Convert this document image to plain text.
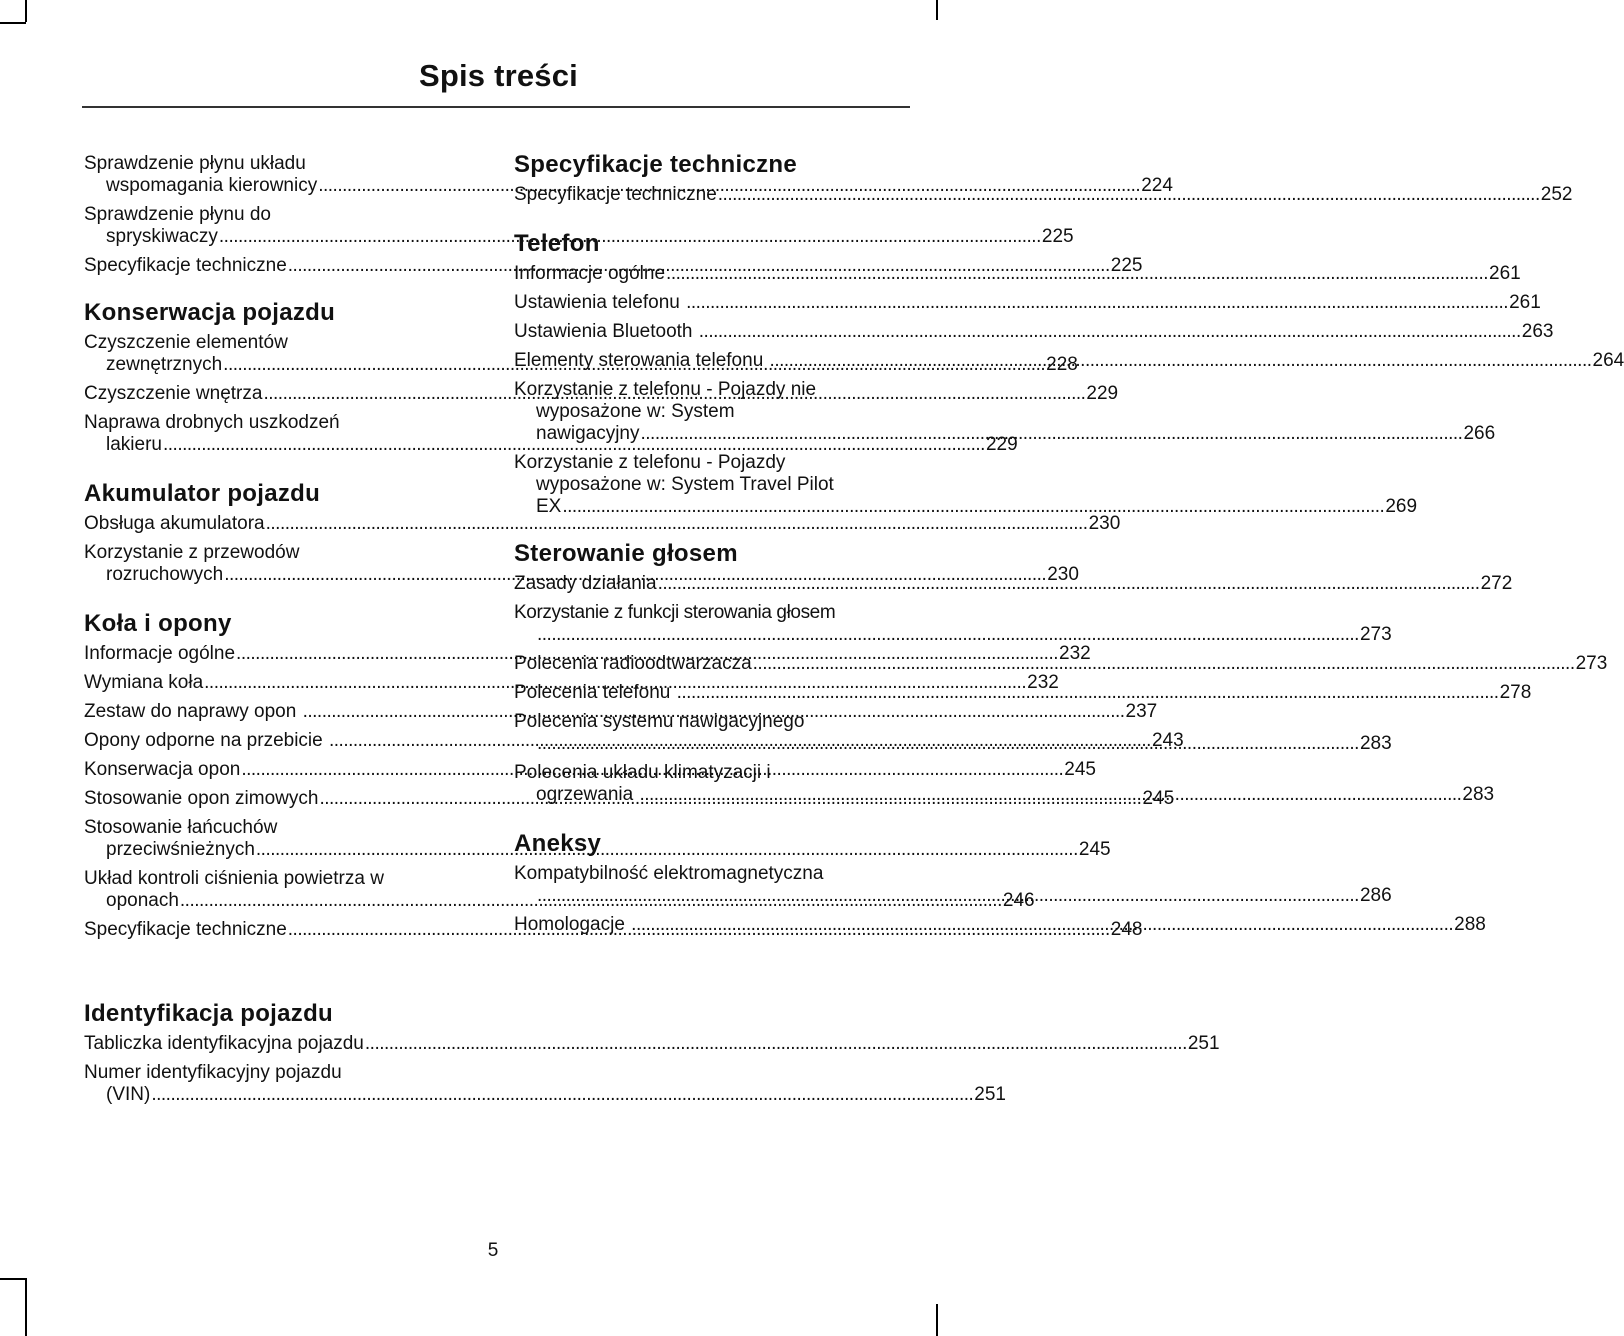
Spis treści
Sprawdzenie płynu układu
wspomagania kierownicy .....	224
Sprawdzenie płynu do
spryskiwaczy .....	225
Specyfikacje techniczne .....	225
Konserwacja pojazdu
Czyszczenie elementów
zewnętrznych .....	228
Czyszczenie wnętrza .....	229
Naprawa drobnych uszkodzeń
lakieru .....	229
Akumulator pojazdu
Obsługa akumulatora .....	230
Korzystanie z przewodów
rozruchowych .....	230
Koła i opony
Informacje ogólne .....	232
Wymiana koła .....	232
Zestaw do naprawy opon .....	237
Opony odporne na przebicie .....	243
Konserwacja opon .....	245
Stosowanie opon zimowych .....	245
Stosowanie łańcuchów
przeciwśnieżnych .....	245
Układ kontroli ciśnienia powietrza w
oponach .....	246
Specyfikacje techniczne .....	248
Identyfikacja pojazdu
Tabliczka identyfikacyjna pojazdu .....	251
Numer identyfikacyjny pojazdu
(VIN) .....	251
Specyfikacje techniczne
Specyfikacje techniczne .....	252
Telefon
Informacje ogólne .....	261
Ustawienia telefonu .....	261
Ustawienia Bluetooth .....	263
Elementy sterowania telefonu .....	264
Korzystanie z telefonu - Pojazdy nie
wyposażone w: System
nawigacyjny .....	266
Korzystanie z telefonu - Pojazdy
wyposażone w: System Travel Pilot
EX .....	269
Sterowanie głosem
Zasady działania .....	272
Korzystanie z funkcji sterowania głosem
..... 273
Polecenia radioodtwarzacza .....	273
Polecenia telefonu .....	278
Polecenia systemu nawigacyjnego
..... 283
Polecenia układu klimatyzacji i
ogrzewania .....	283
Aneksy
Kompatybilność elektromagnetyczna
..... 286
Homologacje .....	288
5
